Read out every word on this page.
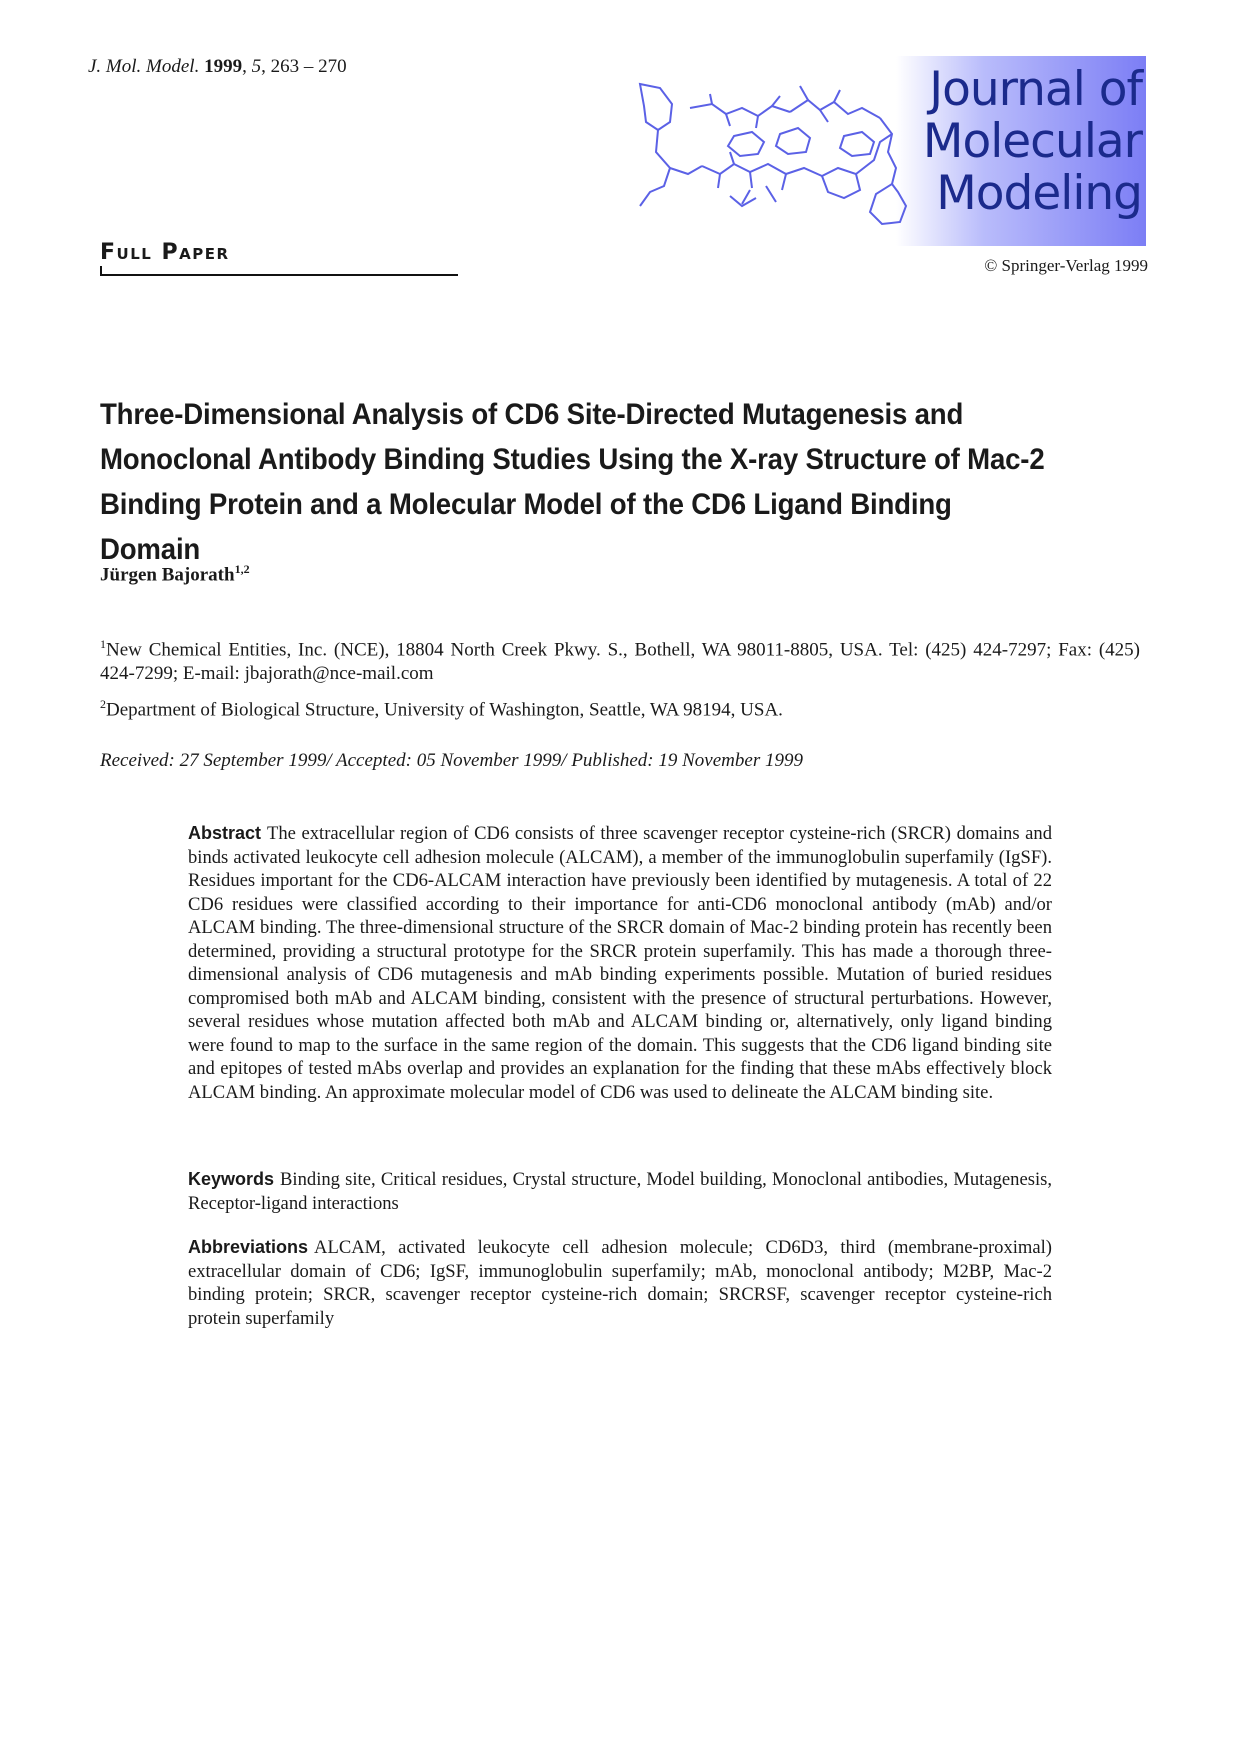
J. Mol. Model. 1999, 5, 263 – 270	Journal of
Molecular
Modeling
Full Paper
© Springer-Verlag 1999
Three-Dimensional Analysis of CD6 Site-Directed Mutagenesis and Monoclonal Antibody Binding Studies Using the X-ray Structure of Mac-2 Binding Protein and a Molecular Model of the CD6 Ligand Binding Domain
Jürgen Bajorath$^{1,2}$
$^1$New Chemical Entities, Inc. (NCE), 18804 North Creek Pkwy. S., Bothell, WA 98011-8805, USA. Tel: (425) 424-7297; Fax: (425) 424-7299; E-mail: jbajorath@nce-mail.com
$^2$Department of Biological Structure, University of Washington, Seattle, WA 98194, USA.
Received: 27 September 1999/ Accepted: 05 November 1999/ Published: 19 November 1999

Abstract The extracellular region of CD6 consists of three scavenger receptor cysteine-rich (SRCR) domains and binds activated leukocyte cell adhesion molecule (ALCAM), a member of the immunoglobulin superfamily (IgSF). Residues important for the CD6-ALCAM interaction have previously been identified by mutagenesis. A total of 22 CD6 residues were classified according to their importance for anti-CD6 monoclonal antibody (mAb) and/or ALCAM binding. The three-dimensional structure of the SRCR domain of Mac-2 binding protein has recently been determined, providing a structural prototype for the SRCR protein superfamily. This has made a thorough three-dimensional analysis of CD6 mutagenesis and mAb binding experiments possible. Mutation of buried residues compromised both mAb and ALCAM binding, consistent with the presence of structural perturbations. However, several residues whose mutation affected both mAb and ALCAM binding or, alternatively, only ligand binding were found to map to the surface in the same region of the domain. This suggests that the CD6 ligand binding site and epitopes of tested mAbs overlap and provides an explanation for the finding that these mAbs effectively block ALCAM binding. An approximate molecular model of CD6 was used to delineate the ALCAM binding site.

Keywords Binding site, Critical residues, Crystal structure, Model building, Monoclonal antibodies, Mutagenesis, Receptor-ligand interactions

Abbreviations ALCAM, activated leukocyte cell adhesion molecule; CD6D3, third (membrane-proximal) extracellular domain of CD6; IgSF, immunoglobulin superfamily; mAb, monoclonal antibody; M2BP, Mac-2 binding protein; SRCR, scavenger receptor cysteine-rich domain; SRCRSF, scavenger receptor cysteine-rich protein superfamily
